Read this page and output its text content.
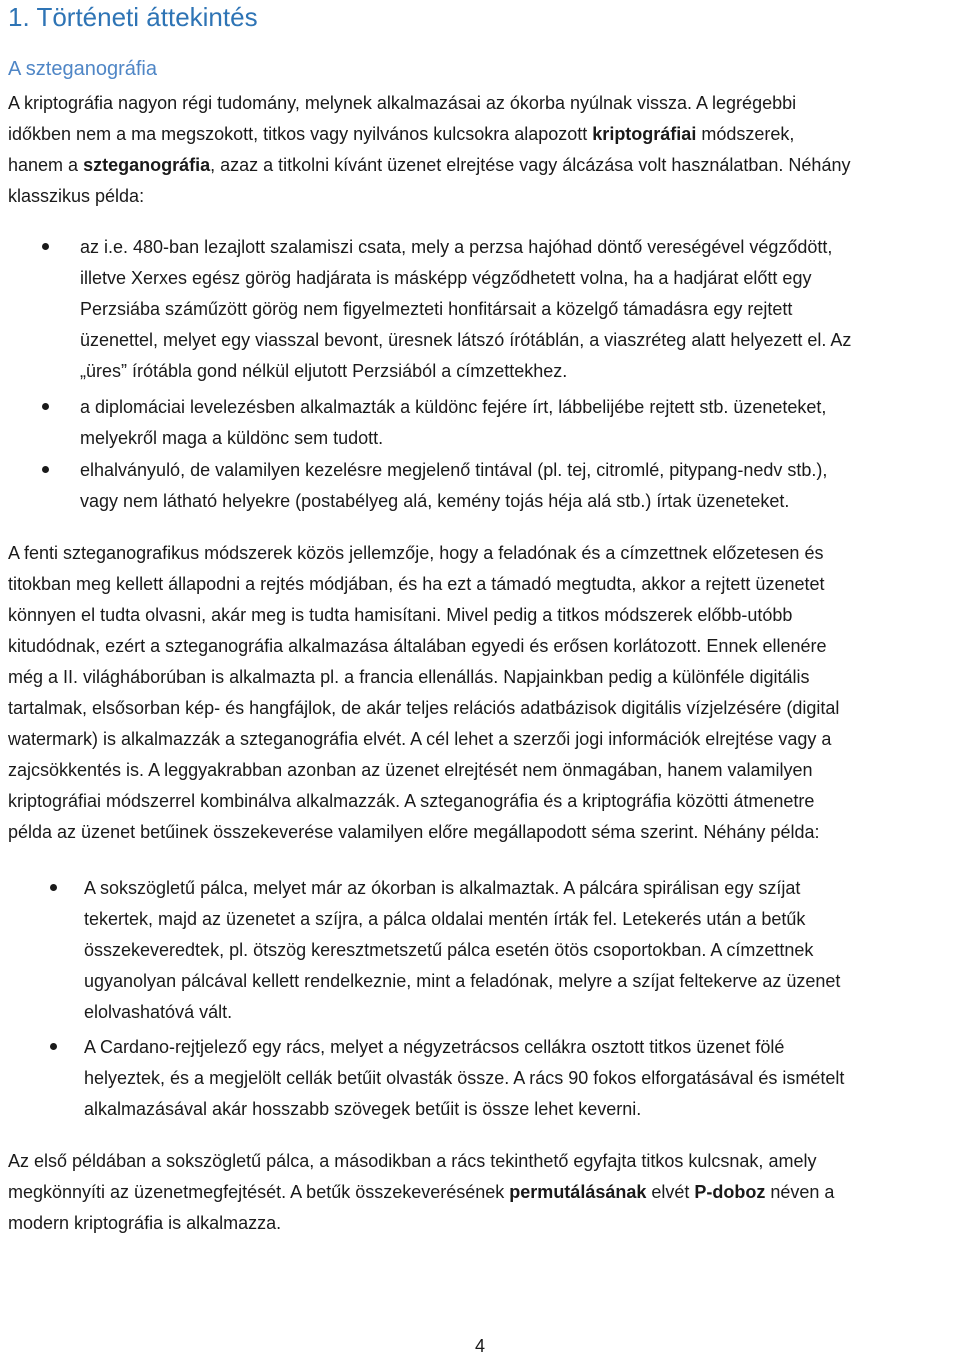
1. Történeti áttekintés
A szteganográfia
A kriptográfia nagyon régi tudomány, melynek alkalmazásai az ókorba nyúlnak vissza. A legrégebbi
időkben nem a ma megszokott, titkos vagy nyilvános kulcsokra alapozott kriptográfiai módszerek,
hanem a szteganográfia, azaz a titkolni kívánt üzenet elrejtése vagy álcázása volt használatban. Néhány
klasszikus példa:
az i.e. 480-ban lezajlott szalamiszi csata, mely a perzsa hajóhad döntő vereségével végződött,
illetve Xerxes egész görög hadjárata is másképp végződhetett volna, ha a hadjárat előtt egy
Perzsiába száműzött görög nem figyelmezteti honfitársait a közelgő támadásra egy rejtett
üzenettel, melyet egy viasszal bevont, üresnek látszó írótáblán, a viaszréteg alatt helyezett el. Az
„üres” írótábla gond nélkül eljutott Perzsiából a címzettekhez.
a diplomáciai levelezésben alkalmazták a küldönc fejére írt, lábbelijébe rejtett stb. üzeneteket,
melyekről maga a küldönc sem tudott.
elhalványuló, de valamilyen kezelésre megjelenő tintával (pl. tej, citromlé, pitypang-nedv stb.),
vagy nem látható helyekre (postabélyeg alá, kemény tojás héja alá stb.) írtak üzeneteket.
A fenti szteganografikus módszerek közös jellemzője, hogy a feladónak és a címzettnek előzetesen és
titokban meg kellett állapodni a rejtés módjában, és ha ezt a támadó megtudta, akkor a rejtett üzenetet
könnyen el tudta olvasni, akár meg is tudta hamisítani. Mivel pedig a titkos módszerek előbb-utóbb
kitudódnak, ezért a szteganográfia alkalmazása általában egyedi és erősen korlátozott. Ennek ellenére
még a II. világháborúban is alkalmazta pl. a francia ellenállás. Napjainkban pedig a különféle digitális
tartalmak, elsősorban kép- és hangfájlok, de akár teljes relációs adatbázisok digitális vízjelzésére (digital
watermark) is alkalmazzák a szteganográfia elvét. A cél lehet a szerzői jogi információk elrejtése vagy a
zajcsökkentés is. A leggyakrabban azonban az üzenet elrejtését nem önmagában, hanem valamilyen
kriptográfiai módszerrel kombinálva alkalmazzák. A szteganográfia és a kriptográfia közötti átmenetre
példa az üzenet betűinek összekeverése valamilyen előre megállapodott séma szerint. Néhány példa:
A sokszögletű pálca, melyet már az ókorban is alkalmaztak. A pálcára spirálisan egy szíjat
tekertek, majd az üzenetet a szíjra, a pálca oldalai mentén írták fel. Letekerés után a betűk
összekeveredtek, pl. ötszög keresztmetszetű pálca esetén ötös csoportokban. A címzettnek
ugyanolyan pálcával kellett rendelkeznie, mint a feladónak, melyre a szíjat feltekerve az üzenet
elolvashatóvá vált.
A Cardano-rejtjelező egy rács, melyet a négyzetrácsos cellákra osztott titkos üzenet fölé
helyeztek, és a megjelölt cellák betűit olvasták össze. A rács 90 fokos elforgatásával és ismételt
alkalmazásával akár hosszabb szövegek betűit is össze lehet keverni.
Az első példában a sokszögletű pálca, a másodikban a rács tekinthető egyfajta titkos kulcsnak, amely
megkönnyíti az üzenetmegfejtését. A betűk összekeverésének permutálásának elvét P-doboz néven a
modern kriptográfia is alkalmazza.
4
